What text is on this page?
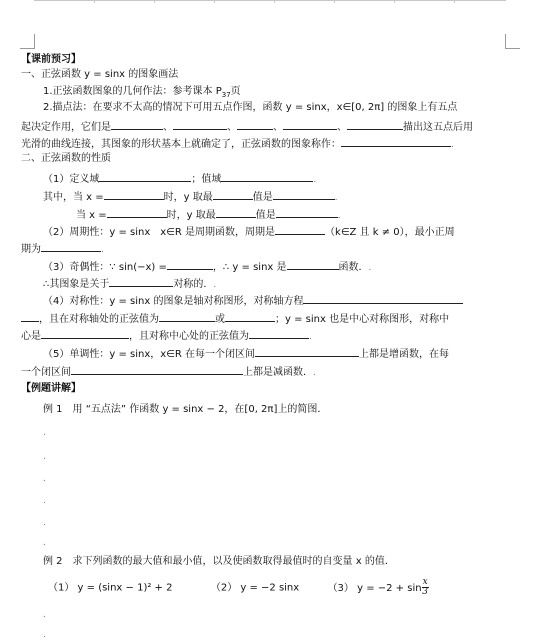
【课前预习】
一、正弦函数 y = sinx 的图象画法
1.正弦函数图象的几何作法：参考课本 $P_{37}$页
2.描点法：在要求不太高的情况下可用五点作图，函数 y = sinx，x∈[0, 2π] 的图象上有五点
起决定作用，它们是	、	、	、	、	描出这五点后用
光滑的曲线连接，其图象的形状基本上就确定了，正弦函数的图象称作：	.
二、正弦函数的性质
（1）定义域	；值域	.
其中，当 x =	时，y 取最	值是	.
当 x =	时，y 取最	值是	.
（2）周期性：y = sinx　x∈R 是周期函数，周期是	（k∈Z 且 k ≠ 0），最小正周
期为	.
（3）奇偶性：∵ sin(−x) =	，∴ y = sinx 是	函数．.
∴其图象是关于	对称的．.
（4）对称性：y = sinx 的图象是轴对称图形，对称轴方程
，且在对称轴处的正弦值为	或	；y = sinx 也是中心对称图形，对称中
心是	，且对称中心处的正弦值为	.
（5）单调性：y = sinx，x∈R 在每一个闭区间	上都是增函数，在每
一个闭区间	上都是减函数．.
【例题讲解】
例 1　用 “五点法” 作函数 y = sinx − 2，在[0, 2π]上的简图．
.
.
.
.
.
.
例 2　求下列函数的最大值和最小值，以及使函数取得最值时的自变量 x 的值．
（1） y = (sinx − 1)² + 2	（2） y = −2 sinx	（3） $y = -2 + \sin \frac{x}{3}$
.
.
